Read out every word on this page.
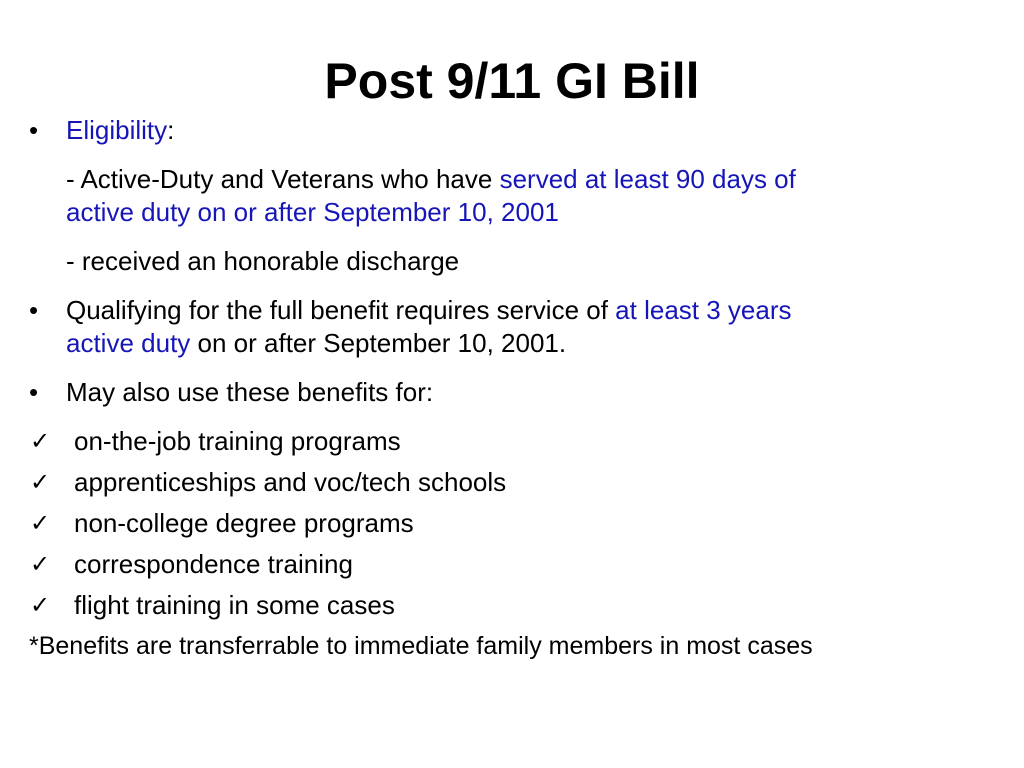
Post 9/11 GI Bill
• Eligibility:
- Active-Duty and Veterans who have served at least 90 days of
active duty on or after September 10, 2001
- received an honorable discharge
• Qualifying for the full benefit requires service of at least 3 years
active duty on or after September 10, 2001.
• May also use these benefits for:
✓ on-the-job training programs
✓ apprenticeships and voc/tech schools
✓ non-college degree programs
✓ correspondence training
✓ flight training in some cases
*Benefits are transferrable to immediate family members in most cases
